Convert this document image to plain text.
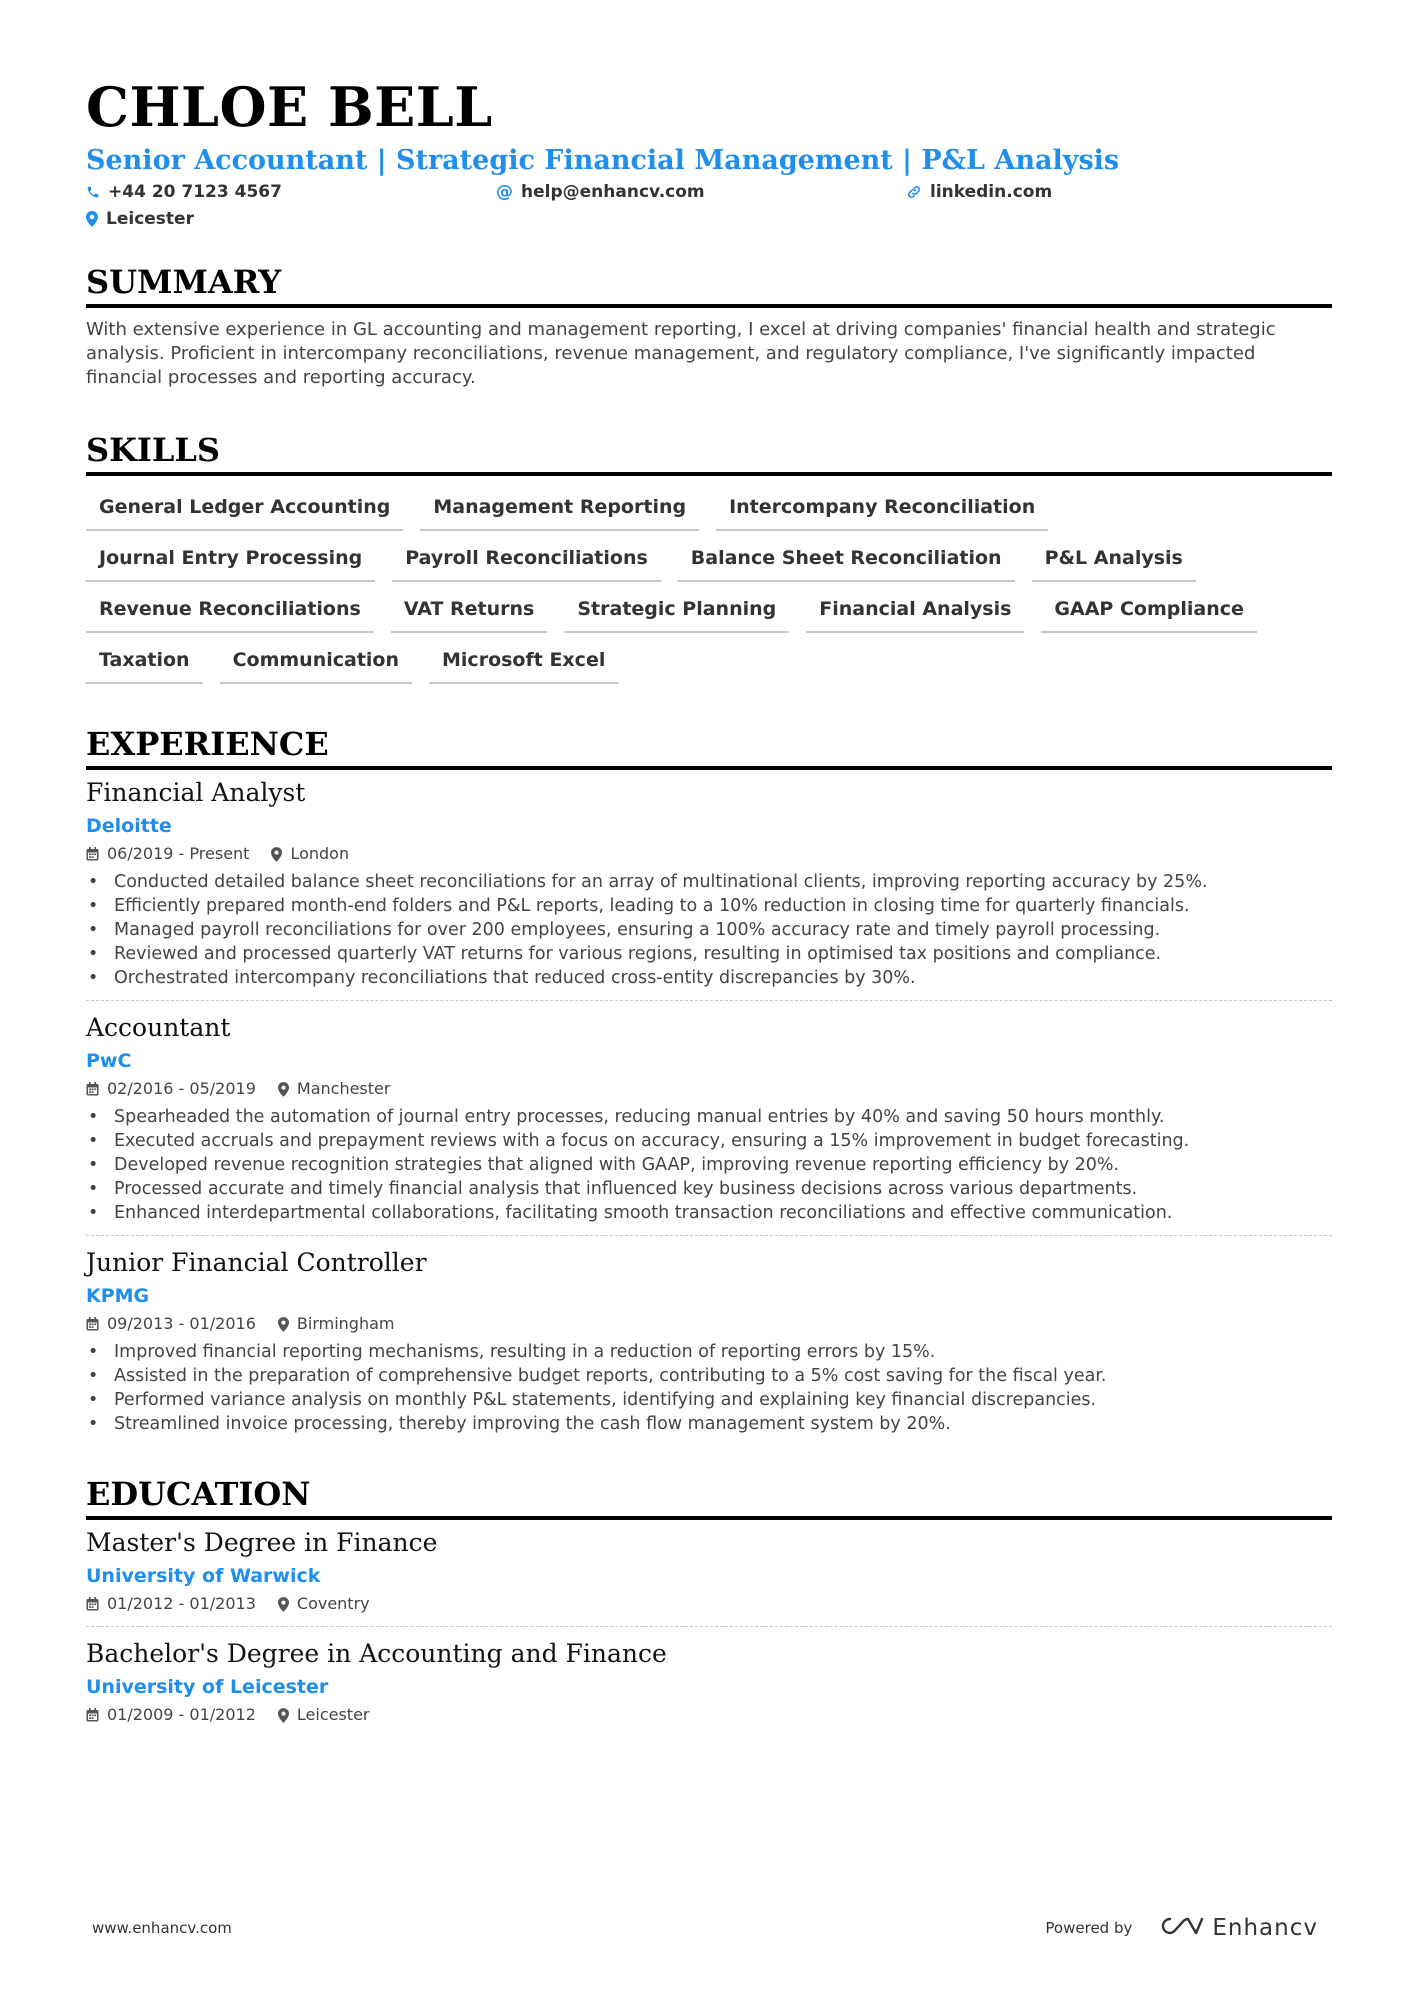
CHLOE BELL
Senior Accountant | Strategic Financial Management | P&L Analysis
+44 20 7123 4567	@ help@enhancv.com	linkedin.com
Leicester
SUMMARY

With extensive experience in GL accounting and management reporting, I excel at driving companies' financial health and strategic analysis. Proficient in intercompany reconciliations, revenue management, and regulatory compliance, I've significantly impacted financial processes and reporting accuracy.

SKILLS
General Ledger Accounting	Management Reporting	Intercompany Reconciliation
Journal Entry Processing	Payroll Reconciliations	Balance Sheet Reconciliation	P&L Analysis
Revenue Reconciliations	VAT Returns	Strategic Planning	Financial Analysis	GAAP Compliance
Taxation	Communication	Microsoft Excel
EXPERIENCE
Financial Analyst
Deloitte
06/2019 - Present	London
• Conducted detailed balance sheet reconciliations for an array of multinational clients, improving reporting accuracy by 25%.
• Efficiently prepared month-end folders and P&L reports, leading to a 10% reduction in closing time for quarterly financials.
• Managed payroll reconciliations for over 200 employees, ensuring a 100% accuracy rate and timely payroll processing.
• Reviewed and processed quarterly VAT returns for various regions, resulting in optimised tax positions and compliance.
• Orchestrated intercompany reconciliations that reduced cross-entity discrepancies by 30%.
Accountant
PwC
02/2016 - 05/2019	Manchester
• Spearheaded the automation of journal entry processes, reducing manual entries by 40% and saving 50 hours monthly.
• Executed accruals and prepayment reviews with a focus on accuracy, ensuring a 15% improvement in budget forecasting.
• Developed revenue recognition strategies that aligned with GAAP, improving revenue reporting efficiency by 20%.
• Processed accurate and timely financial analysis that influenced key business decisions across various departments.
• Enhanced interdepartmental collaborations, facilitating smooth transaction reconciliations and effective communication.
Junior Financial Controller
KPMG
09/2013 - 01/2016	Birmingham
• Improved financial reporting mechanisms, resulting in a reduction of reporting errors by 15%.
• Assisted in the preparation of comprehensive budget reports, contributing to a 5% cost saving for the fiscal year.
• Performed variance analysis on monthly P&L statements, identifying and explaining key financial discrepancies.
• Streamlined invoice processing, thereby improving the cash flow management system by 20%.
EDUCATION
Master's Degree in Finance
University of Warwick
01/2012 - 01/2013	Coventry
Bachelor's Degree in Accounting and Finance
University of Leicester
01/2009 - 01/2012	Leicester
www.enhancv.com	Powered by	Enhancv
